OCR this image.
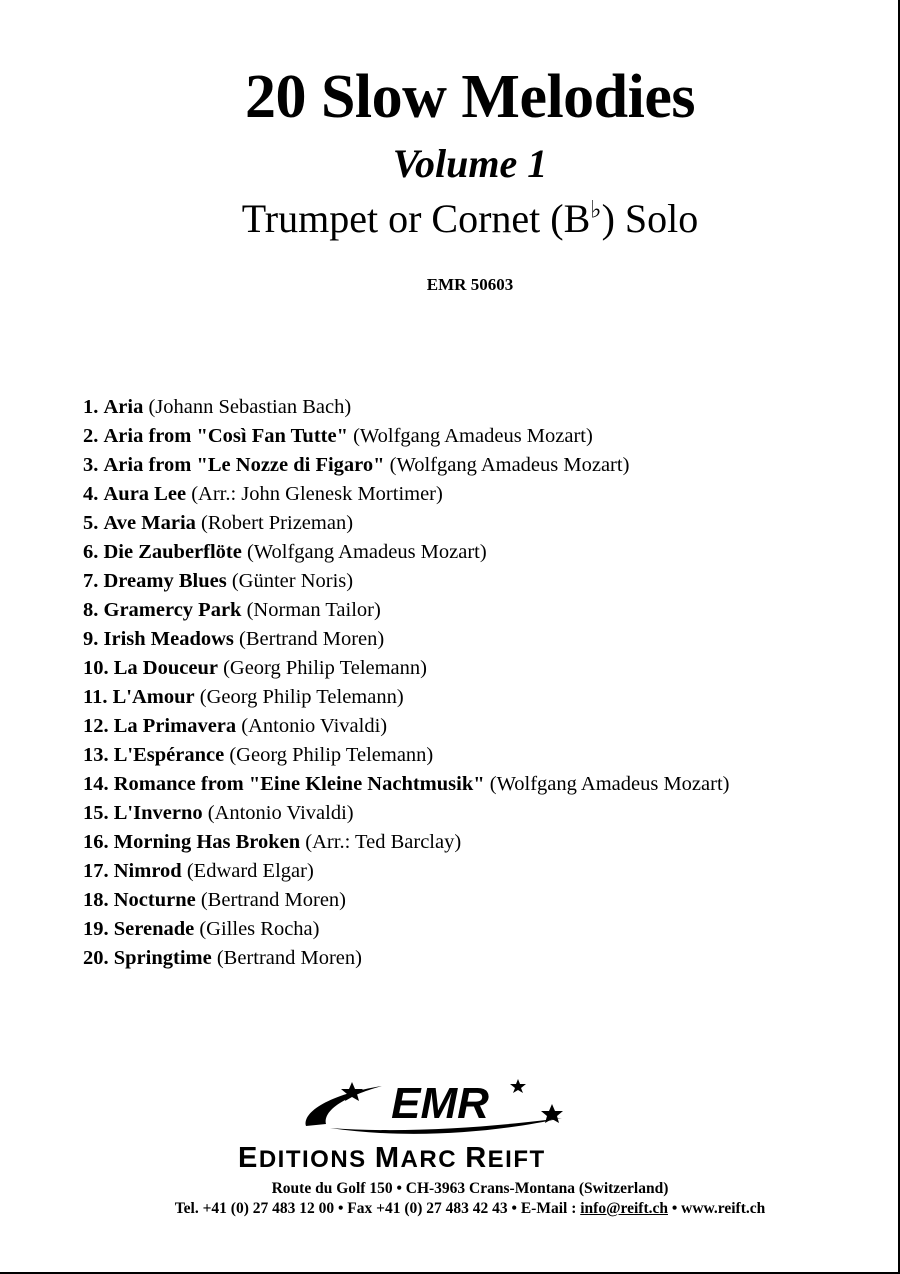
20 Slow Melodies
Volume 1
Trumpet or Cornet (B♭) Solo
EMR 50603
1. Aria (Johann Sebastian Bach)
2. Aria from "Così Fan Tutte" (Wolfgang Amadeus Mozart)
3. Aria from "Le Nozze di Figaro" (Wolfgang Amadeus Mozart)
4. Aura Lee (Arr.: John Glenesk Mortimer)
5. Ave Maria (Robert Prizeman)
6. Die Zauberflöte (Wolfgang Amadeus Mozart)
7. Dreamy Blues (Günter Noris)
8. Gramercy Park (Norman Tailor)
9. Irish Meadows (Bertrand Moren)
10. La Douceur (Georg Philip Telemann)
11. L'Amour (Georg Philip Telemann)
12. La Primavera (Antonio Vivaldi)
13. L'Espérance (Georg Philip Telemann)
14. Romance from "Eine Kleine Nachtmusik" (Wolfgang Amadeus Mozart)
15. L'Inverno (Antonio Vivaldi)
16. Morning Has Broken (Arr.: Ted Barclay)
17. Nimrod (Edward Elgar)
18. Nocturne (Bertrand Moren)
19. Serenade (Gilles Rocha)
20. Springtime (Bertrand Moren)
EMR
EDITIONS MARC REIFT
Route du Golf 150 • CH-3963 Crans-Montana (Switzerland)
Tel. +41 (0) 27 483 12 00 • Fax +41 (0) 27 483 42 43 • E-Mail : info@reift.ch • www.reift.ch
